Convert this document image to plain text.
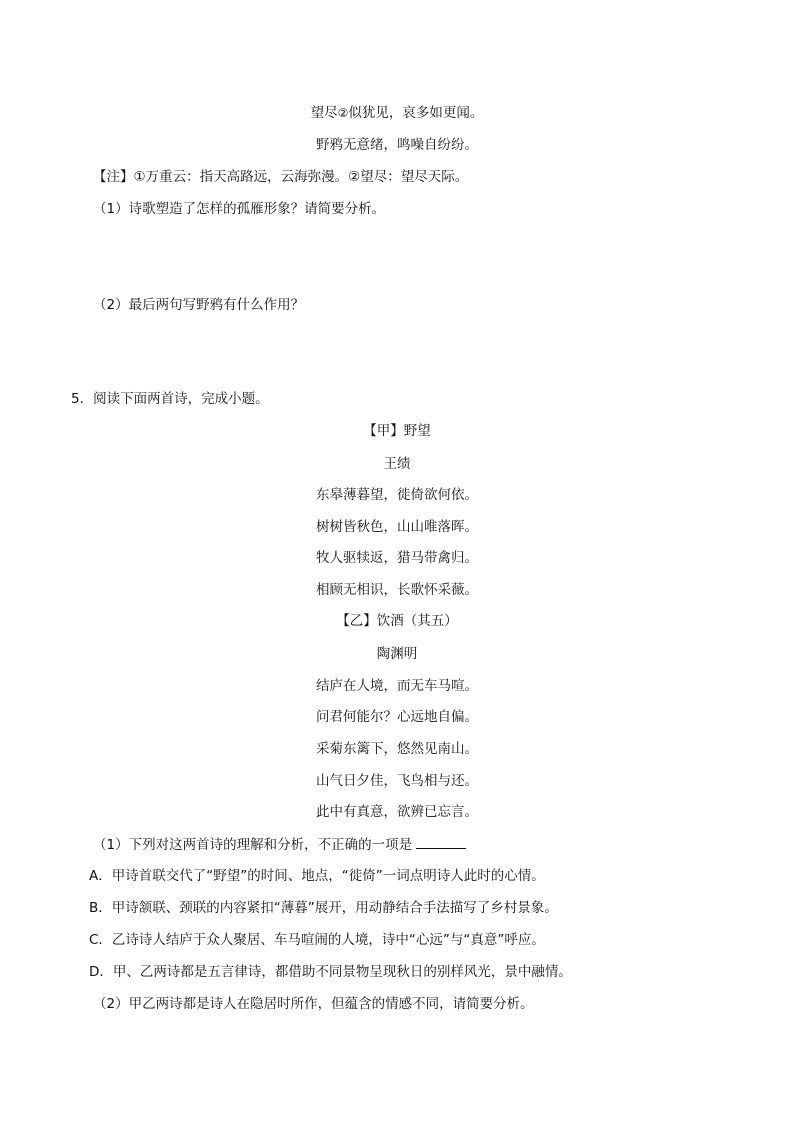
望尽②似犹见，哀多如更闻。
野鸦无意绪，鸣噪自纷纷。
【注】①万重云：指天高路远，云海弥漫。②望尽：望尽天际。
（1）诗歌塑造了怎样的孤雁形象？请简要分析。
（2）最后两句写野鸦有什么作用？
5．阅读下面两首诗，完成小题。
【甲】野望
王绩
东皋薄暮望，徙倚欲何依。
树树皆秋色，山山唯落晖。
牧人驱犊返，猎马带禽归。
相顾无相识，长歌怀采薇。
【乙】饮酒（其五）
陶渊明
结庐在人境，而无车马喧。
问君何能尔？心远地自偏。
采菊东篱下，悠然见南山。
山气日夕佳，飞鸟相与还。
此中有真意，欲辨已忘言。
（1）下列对这两首诗的理解和分析，不正确的一项是
A．甲诗首联交代了“野望”的时间、地点，“徙倚”一词点明诗人此时的心情。
B．甲诗颔联、颈联的内容紧扣“薄暮”展开，用动静结合手法描写了乡村景象。
C．乙诗诗人结庐于众人聚居、车马喧闹的人境，诗中“心远”与“真意”呼应。
D．甲、乙两诗都是五言律诗，都借助不同景物呈现秋日的别样风光，景中融情。
（2）甲乙两诗都是诗人在隐居时所作，但蕴含的情感不同，请简要分析。
